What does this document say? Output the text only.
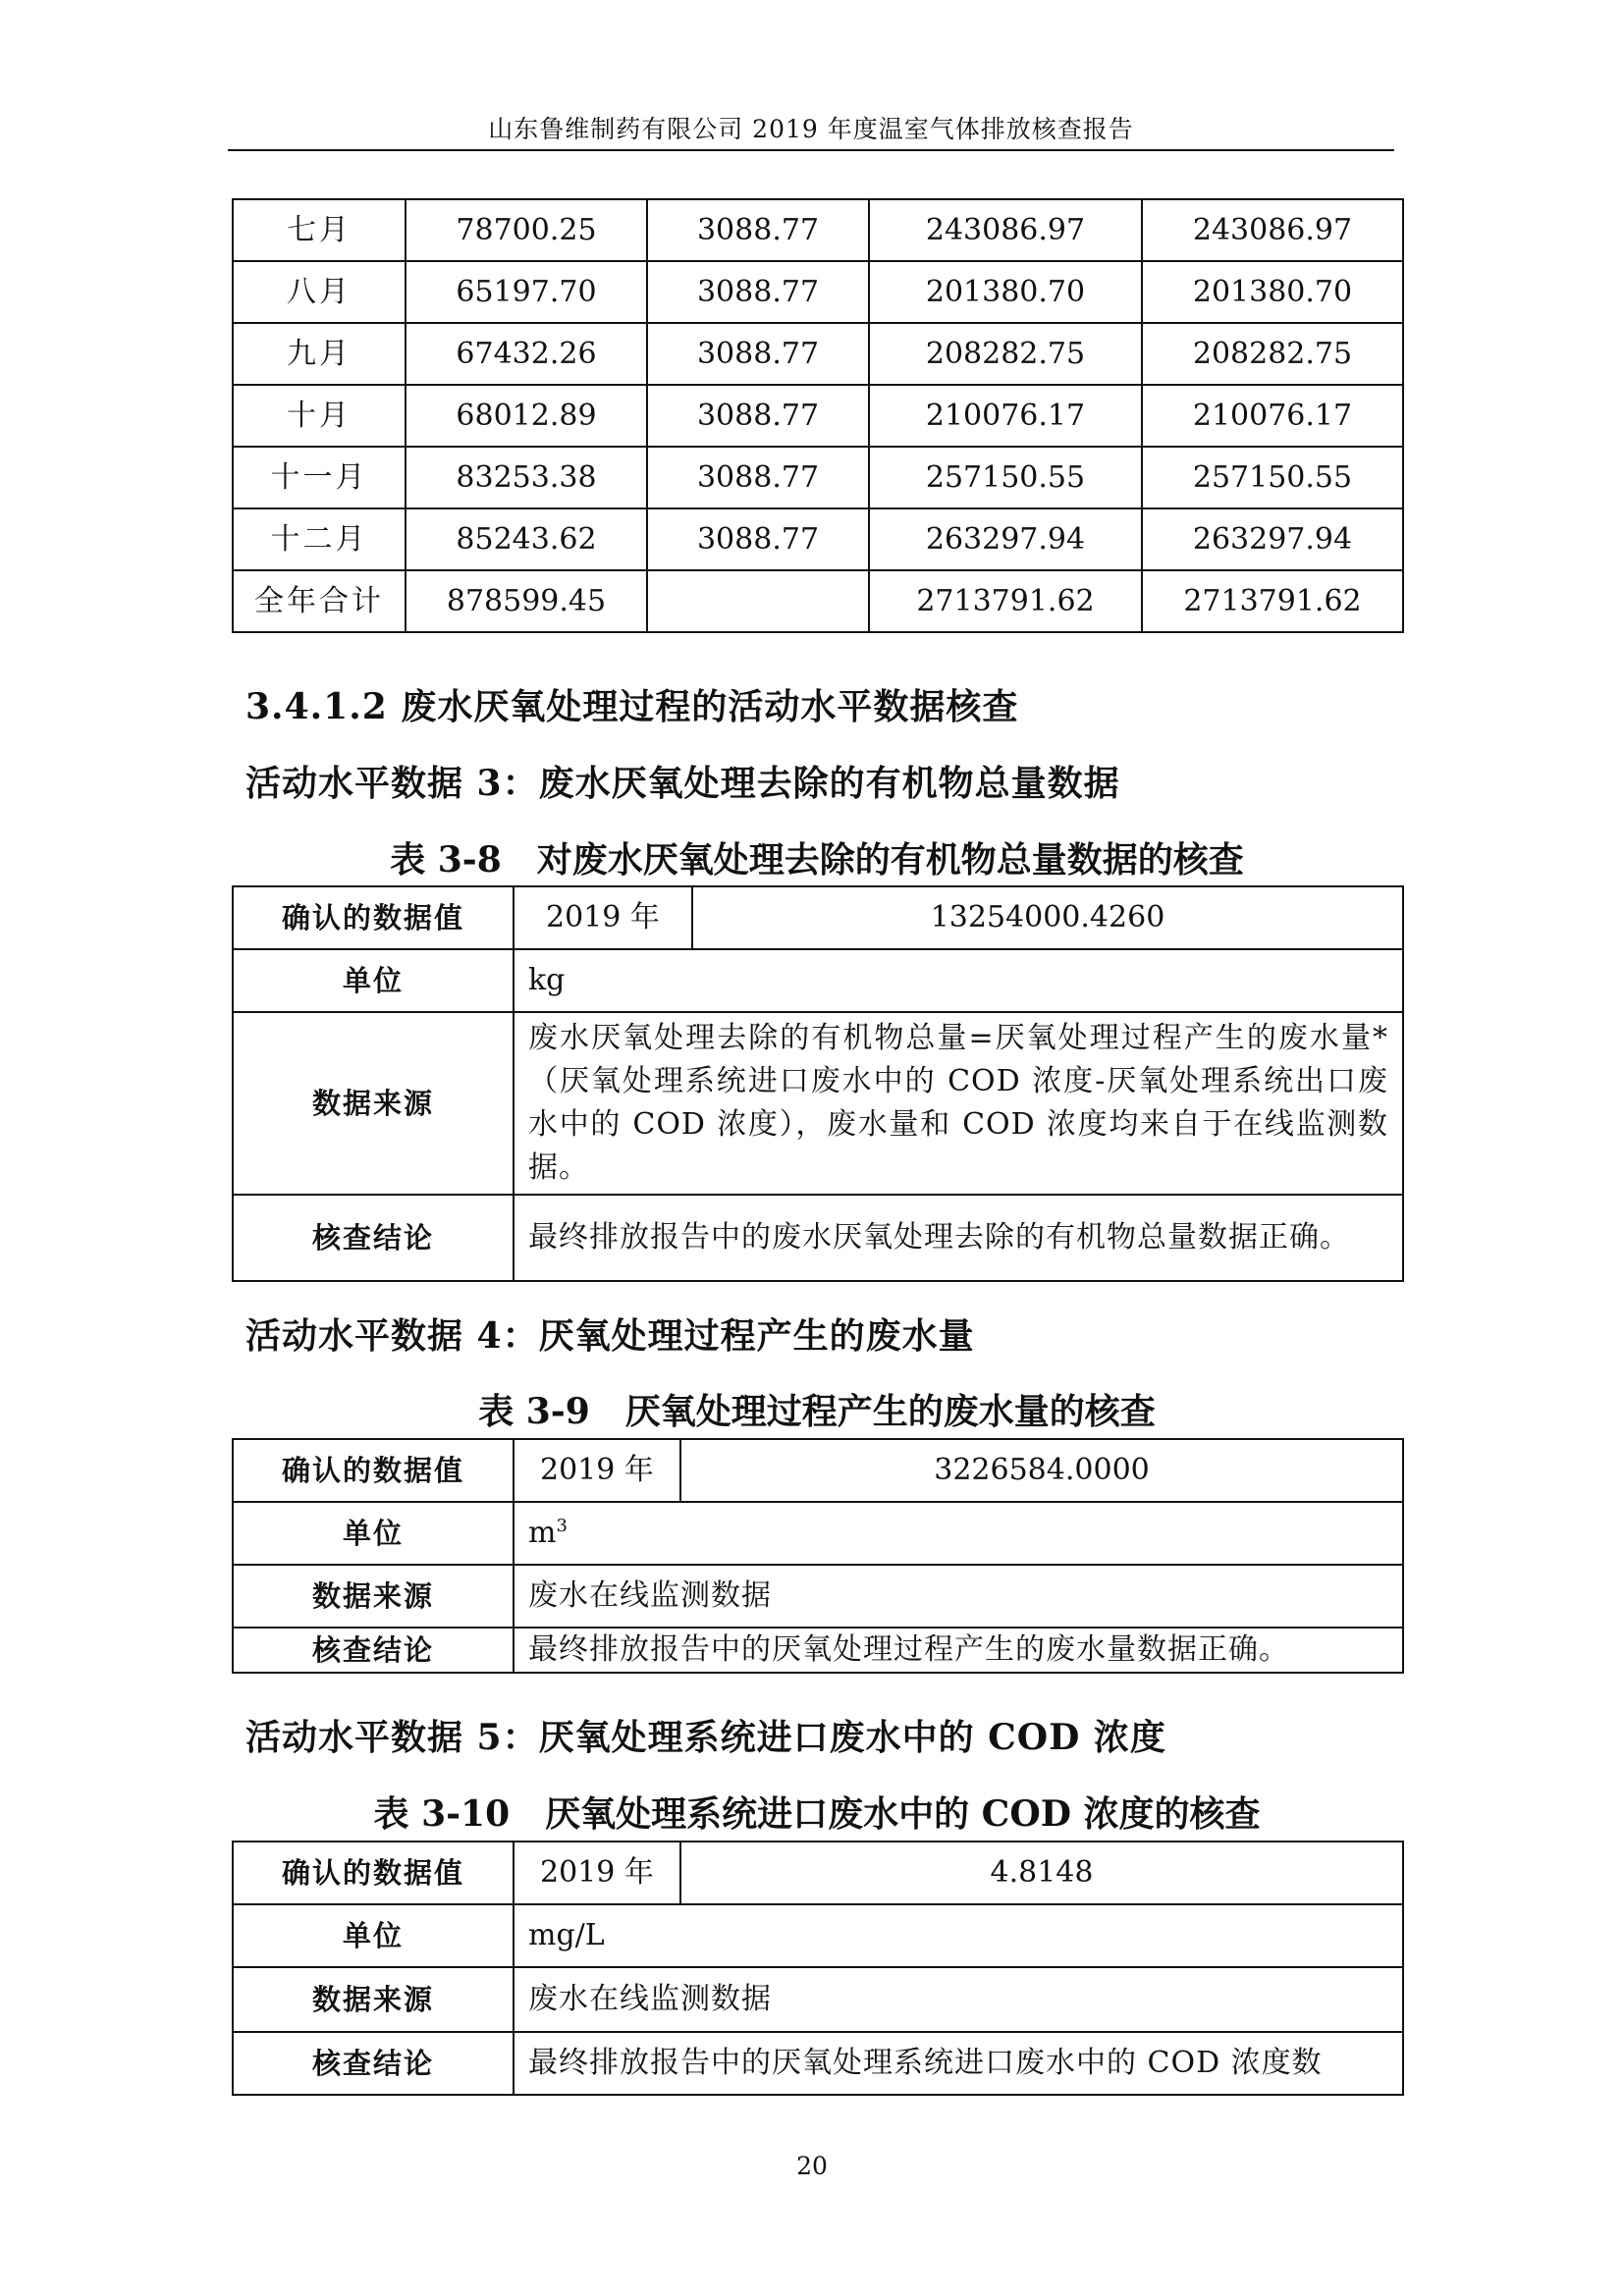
山东鲁维制药有限公司 2019 年度温室气体排放核查报告
七月	78700.25	3088.77	243086.97	243086.97
八月	65197.70	3088.77	201380.70	201380.70
九月	67432.26	3088.77	208282.75	208282.75
十月	68012.89	3088.77	210076.17	210076.17
十一月	83253.38	3088.77	257150.55	257150.55
十二月	85243.62	3088.77	263297.94	263297.94
全年合计	878599.45		2713791.62	2713791.62
3.4.1.2 废水厌氧处理过程的活动水平数据核查
活动水平数据 3：废水厌氧处理去除的有机物总量数据
表 3-8　对废水厌氧处理去除的有机物总量数据的核查
确认的数据值	2019 年	13254000.4260
单位	kg	
数据来源	废水厌氧处理去除的有机物总量=厌氧处理过程产生的废水量*（厌氧处理系统进口废水中的 COD 浓度-厌氧处理系统出口废水中的 COD 浓度），废水量和 COD 浓度均来自于在线监测数据。	
核查结论	最终排放报告中的废水厌氧处理去除的有机物总量数据正确。	
活动水平数据 4：厌氧处理过程产生的废水量
表 3-9　厌氧处理过程产生的废水量的核查
确认的数据值	2019 年	3226584.0000
单位	$m^3$
数据来源	废水在线监测数据	
核查结论	最终排放报告中的厌氧处理过程产生的废水量数据正确。	
活动水平数据 5：厌氧处理系统进口废水中的 COD 浓度
表 3-10　厌氧处理系统进口废水中的 COD 浓度的核查
确认的数据值	2019 年	4.8148
单位	mg/L	
数据来源	废水在线监测数据	
核查结论	最终排放报告中的厌氧处理系统进口废水中的 COD 浓度数	
20
